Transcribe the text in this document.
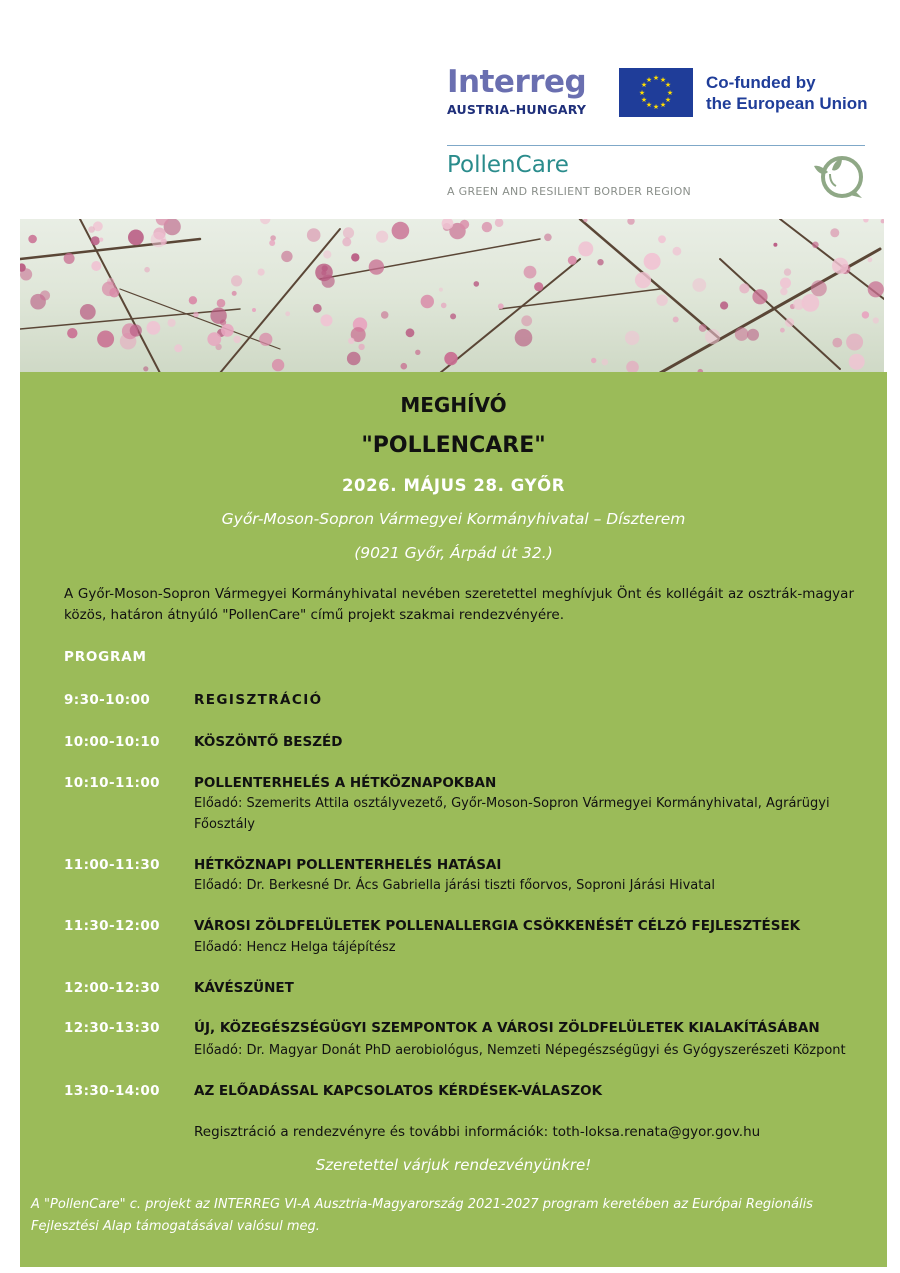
Interreg
AUSTRIA–HUNGARY
★ ★
★
★
★
★
★
★
★
★
★
★	Co-funded by
the European Union
PollenCare
A GREEN AND RESILIENT BORDER REGION
MEGHÍVÓ
"POLLENCARE"
2026. MÁJUS 28. GYŐR
Győr-Moson-Sopron Vármegyei Kormányhivatal – Díszterem
(9021 Győr, Árpád út 32.)
A Győr-Moson-Sopron Vármegyei Kormányhivatal nevében szeretettel meghívjuk Önt és kollégáit az osztrák-magyar közös, határon átnyúló "PollenCare" című projekt szakmai rendezvényére.
PROGRAM
9:30-10:00	REGISZTRÁCIÓ
10:00-10:10	KÖSZÖNTŐ BESZÉD
10:10-11:00	POLLENTERHELÉS A HÉTKÖZNAPOKBAN
Előadó: Szemerits Attila osztályvezető, Győr-Moson-Sopron Vármegyei Kormányhivatal, Agrárügyi Főosztály
11:00-11:30	HÉTKÖZNAPI POLLENTERHELÉS HATÁSAI
Előadó: Dr. Berkesné Dr. Ács Gabriella járási tiszti főorvos, Soproni Járási Hivatal
11:30-12:00	VÁROSI ZÖLDFELÜLETEK POLLENALLERGIA CSÖKKENÉSÉT CÉLZÓ FEJLESZTÉSEK
Előadó: Hencz Helga tájépítész
12:00-12:30	KÁVÉSZÜNET
12:30-13:30	ÚJ, KÖZEGÉSZSÉGÜGYI SZEMPONTOK A VÁROSI ZÖLDFELÜLETEK KIALAKÍTÁSÁBAN
Előadó: Dr. Magyar Donát PhD aerobiológus, Nemzeti Népegészségügyi és Gyógyszerészeti Központ
13:30-14:00	AZ ELŐADÁSSAL KAPCSOLATOS KÉRDÉSEK-VÁLASZOK
Regisztráció a rendezvényre és további információk: toth-loksa.renata@gyor.gov.hu
Szeretettel várjuk rendezvényünkre!
A "PollenCare" c. projekt az INTERREG VI-A Ausztria-Magyarország 2021-2027 program keretében az Európai Regionális Fejlesztési Alap támogatásával valósul meg.
